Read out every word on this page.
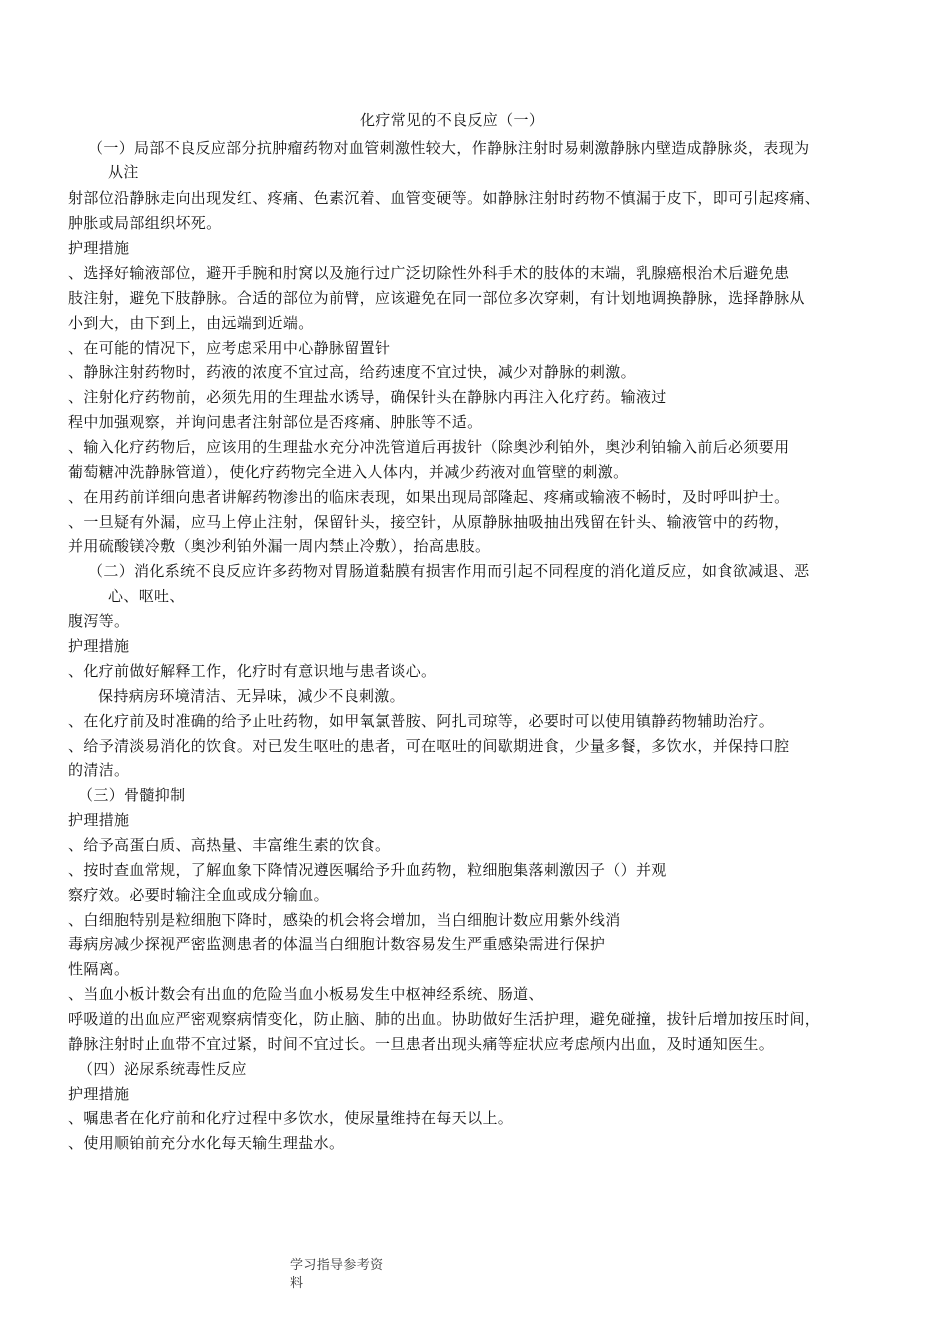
化疗常见的不良反应（一）
（一）局部不良反应部分抗肿瘤药物对血管刺激性较大，作静脉注射时易刺激静脉内壁造成静脉炎，表现为
从注
射部位沿静脉走向出现发红、疼痛、色素沉着、血管变硬等。如静脉注射时药物不慎漏于皮下，即可引起疼痛、
肿胀或局部组织坏死。
护理措施
、选择好输液部位，避开手腕和肘窝以及施行过广泛切除性外科手术的肢体的末端，乳腺癌根治术后避免患
肢注射，避免下肢静脉。合适的部位为前臂，应该避免在同一部位多次穿刺，有计划地调换静脉，选择静脉从
小到大，由下到上，由远端到近端。
、在可能的情况下，应考虑采用中心静脉留置针
、静脉注射药物时，药液的浓度不宜过高，给药速度不宜过快，减少对静脉的刺激。
、注射化疗药物前，必须先用的生理盐水诱导，确保针头在静脉内再注入化疗药。输液过
程中加强观察，并询问患者注射部位是否疼痛、肿胀等不适。
、输入化疗药物后，应该用的生理盐水充分冲洗管道后再拔针（除奥沙利铂外，奥沙利铂输入前后必须要用
葡萄糖冲洗静脉管道），使化疗药物完全进入人体内，并减少药液对血管壁的刺激。
、在用药前详细向患者讲解药物渗出的临床表现，如果出现局部隆起、疼痛或输液不畅时，及时呼叫护士。
、一旦疑有外漏，应马上停止注射，保留针头，接空针，从原静脉抽吸抽出残留在针头、输液管中的药物，
并用硫酸镁冷敷（奥沙利铂外漏一周内禁止冷敷），抬高患肢。
（二）消化系统不良反应许多药物对胃肠道黏膜有损害作用而引起不同程度的消化道反应，如食欲减退、恶
心、呕吐、
腹泻等。
护理措施
、化疗前做好解释工作，化疗时有意识地与患者谈心。
保持病房环境清洁、无异味，减少不良刺激。
、在化疗前及时准确的给予止吐药物，如甲氧氯普胺、阿扎司琼等，必要时可以使用镇静药物辅助治疗。
、给予清淡易消化的饮食。对已发生呕吐的患者，可在呕吐的间歇期进食，少量多餐，多饮水，并保持口腔
的清洁。
（三）骨髓抑制
护理措施
、给予高蛋白质、高热量、丰富维生素的饮食。
、按时查血常规，了解血象下降情况遵医嘱给予升血药物，粒细胞集落刺激因子（）并观
察疗效。必要时输注全血或成分输血。
、白细胞特别是粒细胞下降时，感染的机会将会增加，当白细胞计数应用紫外线消
毒病房减少探视严密监测患者的体温当白细胞计数容易发生严重感染需进行保护
性隔离。
、当血小板计数会有出血的危险当血小板易发生中枢神经系统、肠道、
呼吸道的出血应严密观察病情变化，防止脑、肺的出血。协助做好生活护理，避免碰撞，拔针后增加按压时间，
静脉注射时止血带不宜过紧，时间不宜过长。一旦患者出现头痛等症状应考虑颅内出血，及时通知医生。
（四）泌尿系统毒性反应
护理措施
、嘱患者在化疗前和化疗过程中多饮水，使尿量维持在每天以上。
、使用顺铂前充分水化每天输生理盐水。
学习指导参考资
料
